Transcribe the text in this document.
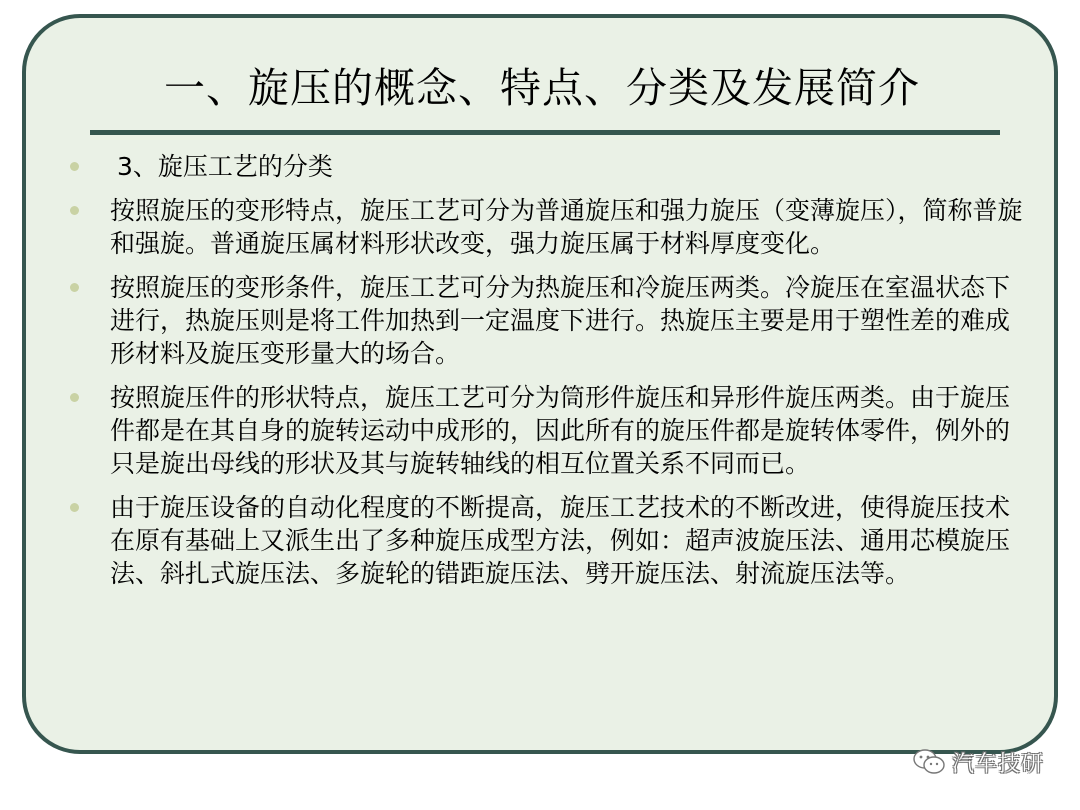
一、旋压的概念、特点、分类及发展简介
3、旋压工艺的分类
按照旋压的变形特点，旋压工艺可分为普通旋压和强力旋压（变薄旋压），简称普旋和强旋。普通旋压属材料形状改变，强力旋压属于材料厚度变化。
按照旋压的变形条件，旋压工艺可分为热旋压和冷旋压两类。冷旋压在室温状态下进行，热旋压则是将工件加热到一定温度下进行。热旋压主要是用于塑性差的难成形材料及旋压变形量大的场合。
按照旋压件的形状特点，旋压工艺可分为筒形件旋压和异形件旋压两类。由于旋压件都是在其自身的旋转运动中成形的，因此所有的旋压件都是旋转体零件，例外的只是旋出母线的形状及其与旋转轴线的相互位置关系不同而已。
由于旋压设备的自动化程度的不断提高，旋压工艺技术的不断改进，使得旋压技术在原有基础上又派生出了多种旋压成型方法，例如：超声波旋压法、通用芯模旋压法、斜扎式旋压法、多旋轮的错距旋压法、劈开旋压法、射流旋压法等。
汽车技研
